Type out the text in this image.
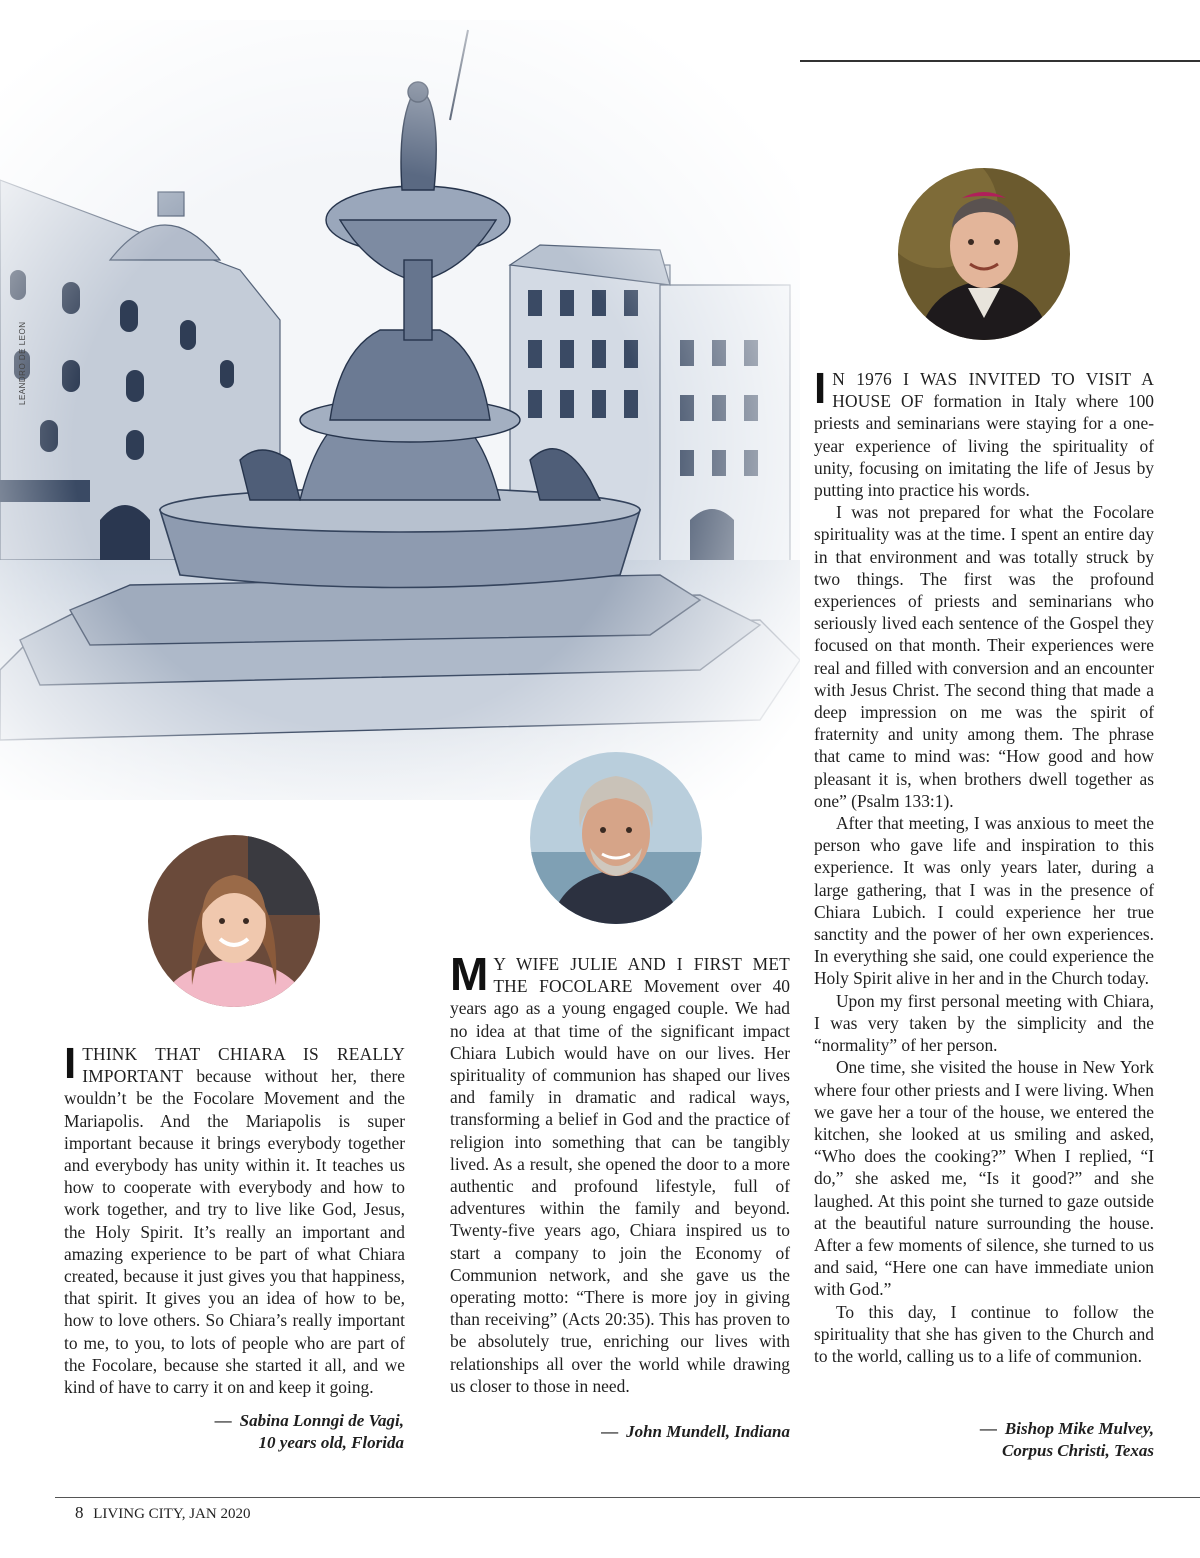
LEANDRO DE LEON	I N 1976 I WAS INVITED TO VISIT A HOUSE OF formation in Italy where 100 priests and seminarians were staying for a one-year experience of living the spirituality of unity, focusing on imitating the life of Jesus by putting into practice his words.

I was not prepared for what the Focolare spirituality was at the time. I spent an entire day in that environment and was totally struck by two things. The first was the profound experiences of priests and seminarians who seriously lived each sentence of the Gospel they focused on that month. Their experiences were real and filled with conversion and an encounter with Jesus Christ. The second thing that made a deep impression on me was the spirit of fraternity and unity among them. The phrase that came to mind was: “How good and how pleasant it is, when brothers dwell together as one” (Psalm 133:1).

After that meeting, I was anxious to meet the person who gave life and inspiration to this experience. It was only years later, during a large gathering, that I was in the presence of Chiara Lubich. I could experience her true sanctity and the power of her own experiences. In everything she said, one could experience the Holy Spirit alive in her and in the Church today.

Upon my first personal meeting with Chiara, I was very taken by the simplicity and the “normality” of her person.

One time, she visited the house in New York where four other priests and I were living. When we gave her a tour of the house, we entered the kitchen, she looked at us smiling and asked, “Who does the cooking?” When I replied, “I do,” she asked me, “Is it good?” and she laughed. At this point she turned to gaze outside at the beautiful nature surrounding the house. After a few moments of silence, she turned to us and said, “Here one can have immediate union with God.”

To this day, I continue to follow the spirituality that she has given to the Church and to the world, calling us to a life of communion.

— Bishop Mike Mulvey,
Corpus Christi, Texas

M Y WIFE JULIE AND I FIRST MET THE FOCOLARE Movement over 40 years ago as a young engaged couple. We had no idea at that time of the significant impact Chiara Lubich would have on our lives. Her spirituality of communion has shaped our lives and family in dramatic and radical ways, transforming a belief in God and the practice of religion into something that can be tangibly lived. As a result, she opened the door to a more authentic and profound lifestyle, full of adventures within the family and beyond. Twenty-five years ago, Chiara inspired us to start a company to join the Economy of Communion network, and she gave us the operating motto: “There is more joy in giving than receiving” (Acts 20:35). This has proven to be absolutely true, enriching our lives with relationships all over the world while drawing us closer to those in need.

— John Mundell, Indiana

ITHINK THAT CHIARA IS REALLY IMPORTANT because without her, there wouldn’t be the Focolare Movement and the Mariapolis. And the Mariapolis is super important because it brings everybody together and everybody has unity within it. It teaches us how to cooperate with everybody and how to work together, and try to live like God, Jesus, the Holy Spirit. It’s really an important and amazing experience to be part of what Chiara created, because it just gives you that happiness, that spirit. It gives you an idea of how to be, how to love others. So Chiara’s really important to me, to you, to lots of people who are part of the Focolare, because she started it all, and we kind of have to carry it on and keep it going.

— Sabina Lonngi de Vagi,
10 years old, Florida
8 LIVING CITY, JAN 2020
